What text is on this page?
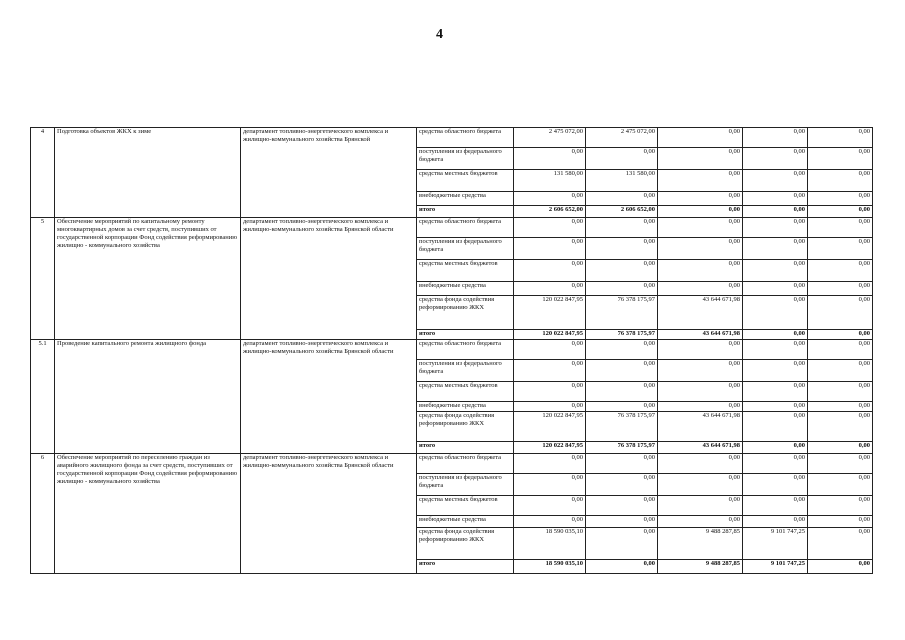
4
4	Подготовка объектов ЖКХ к зиме	департамент топливно-энергетического комплекса и жилищно-коммунального хозяйства Брянской	средства областного бюджета	2 475 072,00	2 475 072,00	0,00	0,00	0,00
			поступления из федерального бюджета	0,00	0,00	0,00	0,00	0,00
			средства местных бюджетов	131 580,00	131 580,00	0,00	0,00	0,00
			внебюджетные средства	0,00	0,00	0,00	0,00	0,00
			итого	2 606 652,00	2 606 652,00	0,00	0,00	0,00
5	Обеспечение мероприятий по капитальному ремонту многоквартирных домов за счет средств, поступивших от государственной корпорации Фонд содействия реформированию жилищно - коммунального хозяйства	департамент топливно-энергетического комплекса и жилищно-коммунального хозяйства Брянской области	средства областного бюджета	0,00	0,00	0,00	0,00	0,00
			поступления из федерального бюджета	0,00	0,00	0,00	0,00	0,00
			средства местных бюджетов	0,00	0,00	0,00	0,00	0,00
			внебюджетные средства	0,00	0,00	0,00	0,00	0,00
			средства фонда содействия реформированию ЖКХ	120 022 847,95	76 378 175,97	43 644 671,98	0,00	0,00
			итого	120 022 847,95	76 378 175,97	43 644 671,98	0,00	0,00
5.1	Проведение капитального ремонта жилищного фонда	департамент топливно-энергетического комплекса и жилищно-коммунального хозяйства Брянской области	средства областного бюджета	0,00	0,00	0,00	0,00	0,00
			поступления из федерального бюджета	0,00	0,00	0,00	0,00	0,00
			средства местных бюджетов	0,00	0,00	0,00	0,00	0,00
			внебюджетные средства	0,00	0,00	0,00	0,00	0,00
			средства фонда содействия реформированию ЖКХ	120 022 847,95	76 378 175,97	43 644 671,98	0,00	0,00
			итого	120 022 847,95	76 378 175,97	43 644 671,98	0,00	0,00
6	Обеспечение мероприятий по переселению граждан из аварийного жилищного фонда за счет средств, поступивших от государственной корпорации Фонд содействия реформированию жилищно - коммунального хозяйства	департамент топливно-энергетического комплекса и жилищно-коммунального хозяйства Брянской области	средства областного бюджета	0,00	0,00	0,00	0,00	0,00
			поступления из федерального бюджета	0,00	0,00	0,00	0,00	0,00
			средства местных бюджетов	0,00	0,00	0,00	0,00	0,00
			внебюджетные средства	0,00	0,00	0,00	0,00	0,00
			средства фонда содействия реформированию ЖКХ	18 590 035,10	0,00	9 488 287,85	9 101 747,25	0,00
			итого	18 590 035,10	0,00	9 488 287,85	9 101 747,25	0,00
